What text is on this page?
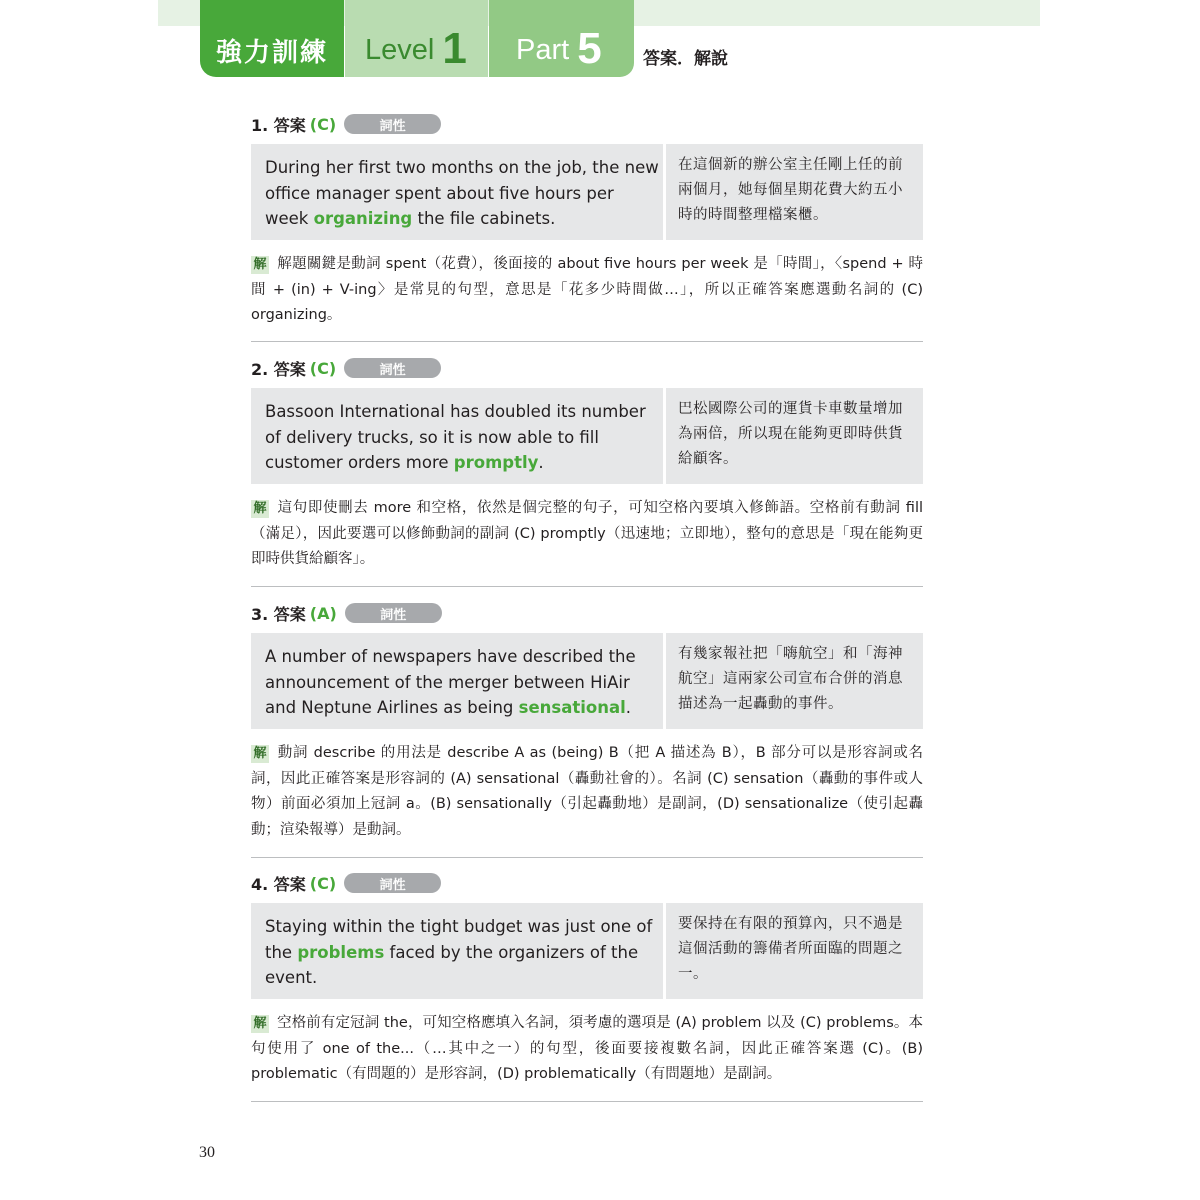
強力訓練 Level 1 Part 5 答案．解說
1. 答案 (C)	詞性
During her first two months on the job, the new office manager spent about five hours per week organizing the file cabinets.
在這個新的辦公室主任剛上任的前兩個月，她每個星期花費大約五小時的時間整理檔案櫃。
解 解題關鍵是動詞 spent（花費），後面接的 about five hours per week 是「時間」，〈spend + 時間 + (in) + V-ing〉是常見的句型，意思是「花多少時間做…」，所以正確答案應選動名詞的 (C) organizing。
2. 答案 (C)	詞性
Bassoon International has doubled its number of delivery trucks, so it is now able to fill customer orders more promptly.
巴松國際公司的運貨卡車數量增加為兩倍，所以現在能夠更即時供貨給顧客。
解 這句即使刪去 more 和空格，依然是個完整的句子，可知空格內要填入修飾語。空格前有動詞 fill（滿足），因此要選可以修飾動詞的副詞 (C) promptly（迅速地；立即地），整句的意思是「現在能夠更即時供貨給顧客」。
3. 答案 (A)	詞性
A number of newspapers have described the announcement of the merger between HiAir and Neptune Airlines as being sensational.
有幾家報社把「嗨航空」和「海神航空」這兩家公司宣布合併的消息描述為一起轟動的事件。
解 動詞 describe 的用法是 describe A as (being) B（把 A 描述為 B），B 部分可以是形容詞或名詞，因此正確答案是形容詞的 (A) sensational（轟動社會的）。名詞 (C) sensation（轟動的事件或人物）前面必須加上冠詞 a。(B) sensationally（引起轟動地）是副詞，(D) sensationalize（使引起轟動；渲染報導）是動詞。
4. 答案 (C)	詞性
Staying within the tight budget was just one of the problems faced by the organizers of the event.
要保持在有限的預算內，只不過是這個活動的籌備者所面臨的問題之一。
解 空格前有定冠詞 the，可知空格應填入名詞，須考慮的選項是 (A) problem 以及 (C) problems。本句使用了 one of the...（…其中之一）的句型，後面要接複數名詞，因此正確答案選 (C)。(B) problematic（有問題的）是形容詞，(D) problematically（有問題地）是副詞。
30
